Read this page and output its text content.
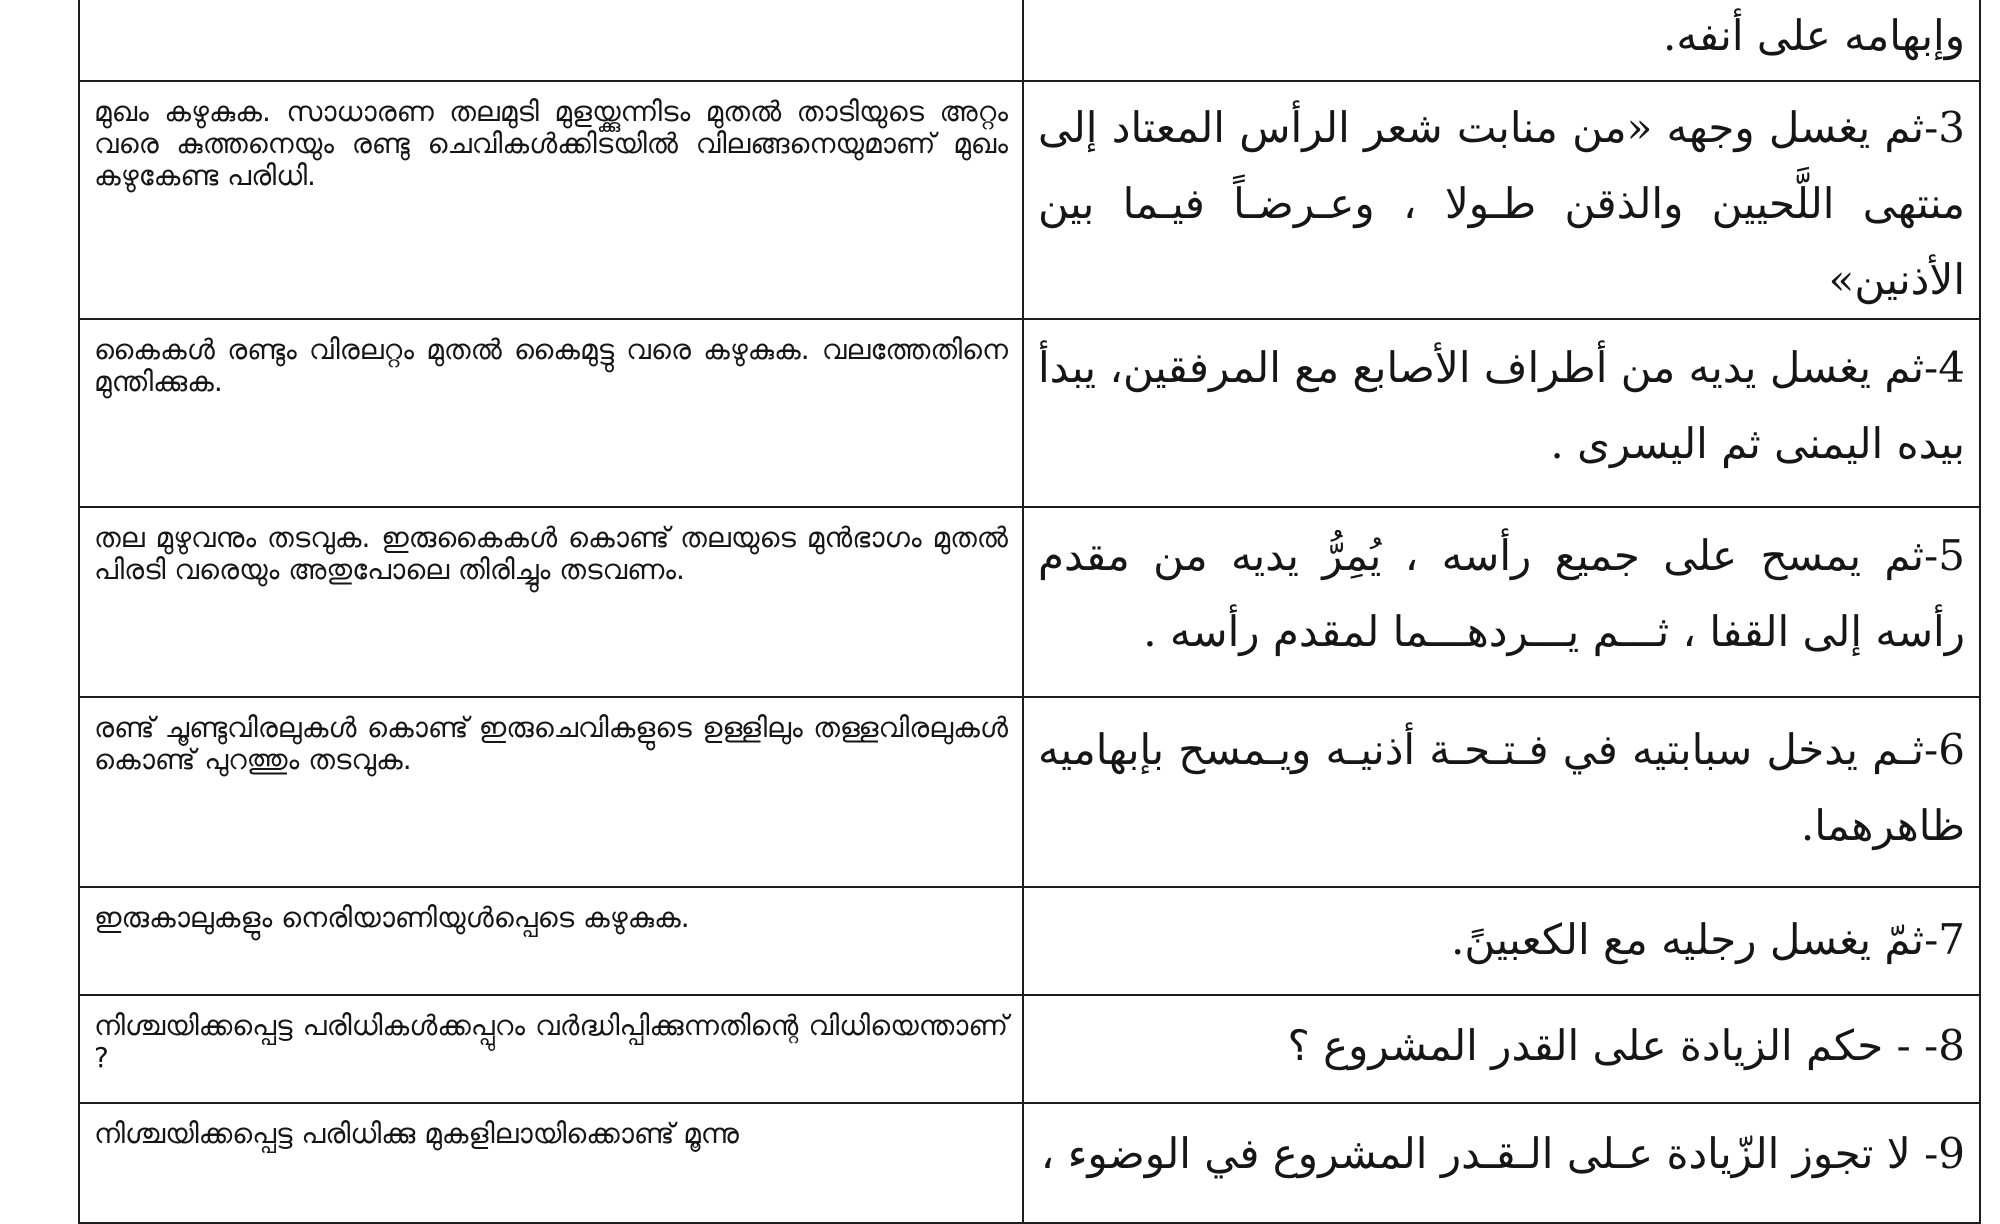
	وإبهامه على أنفه.

മുഖം കഴുകുക. സാധാരണ തലമുടി മുളയ്ക്കുന്നിടം മുതൽ താടിയുടെ അറ്റം വരെ കുത്തനെയും രണ്ടു ചെവികൾക്കിടയിൽ വിലങ്ങനെയുമാണ് മുഖം കഴുകേണ്ട പരിധി.	3-ثم يغسل وجهه «من منابت شعر الرأس المعتاد إلى منتهى اللَّحيين والذقن طـولا ، وعـرضـاً فيـما بين الأذنين»

കൈകൾ രണ്ടും വിരലറ്റം മുതൽ കൈമുട്ടു വരെ കഴുകുക. വലത്തേതിനെ മുന്തിക്കുക.	4-ثم يغسل يديه من أطراف الأصابع مع المرفقين، يبدأ بيده اليمنى ثم اليسرى .

തല മുഴുവനും തടവുക. ഇരുകൈകൾ കൊണ്ട് തലയുടെ മുൻഭാഗം മുതൽ പിരടി വരെയും അതുപോലെ തിരിച്ചും തടവണം.	5-ثم يمسح على جميع رأسه ، يُمِرُّ يديه من مقدم رأسه إلى القفا ، ثـــم يـــردهـــما لمقدم رأسه .

രണ്ട് ചൂണ്ടുവിരലുകൾ കൊണ്ട് ഇരുചെവികളുടെ ഉള്ളിലും തള്ളവിരലുകൾ കൊണ്ട് പുറത്തും തടവുക.	6-ثـم يدخل سبابتيه في فـتـحـة أذنيـه ويـمسح بإبهاميه ظاهرهما.

ഇരുകാലുകളും നെരിയാണിയുൾപ്പെടെ കഴുകുക.	7-ثمّ يغسل رجليه مع الكعبينً.

നിശ്ചയിക്കപ്പെട്ട പരിധികൾക്കപ്പുറം വർദ്ധിപ്പിക്കുന്നതിന്റെ വിധിയെന്താണ് ?	8- - حكم الزيادة على القدر المشروع ؟

നിശ്ചയിക്കപ്പെട്ട പരിധിക്കു മുകളിലായിക്കൊണ്ട് മൂന്നു	9- لا تجوز الزّيادة عـلى الـقـدر المشروع في الوضوء ،
